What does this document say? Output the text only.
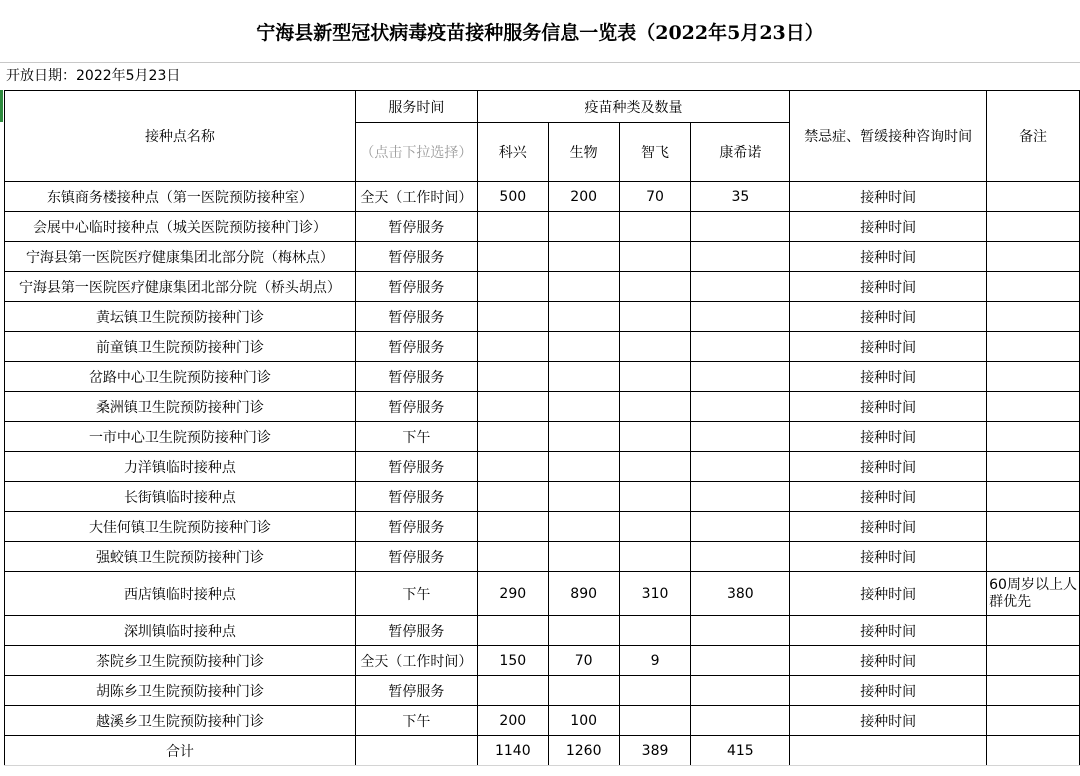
宁海县新型冠状病毒疫苗接种服务信息一览表（2022年5月23日）
开放日期：2022年5月23日
接种点名称	服务时间	疫苗种类及数量				禁忌症、暂缓接种咨询时间	备注
	（点击下拉选择）	科兴	生物	智飞	康希诺		
东镇商务楼接种点（第一医院预防接种室）	全天（工作时间）	500	200	70	35	接种时间	
会展中心临时接种点（城关医院预防接种门诊）	暂停服务					接种时间	
宁海县第一医院医疗健康集团北部分院（梅林点）	暂停服务					接种时间	
宁海县第一医院医疗健康集团北部分院（桥头胡点）	暂停服务					接种时间	
黄坛镇卫生院预防接种门诊	暂停服务					接种时间	
前童镇卫生院预防接种门诊	暂停服务					接种时间	
岔路中心卫生院预防接种门诊	暂停服务					接种时间	
桑洲镇卫生院预防接种门诊	暂停服务					接种时间	
一市中心卫生院预防接种门诊	下午					接种时间	
力洋镇临时接种点	暂停服务					接种时间	
长街镇临时接种点	暂停服务					接种时间	
大佳何镇卫生院预防接种门诊	暂停服务					接种时间	
强蛟镇卫生院预防接种门诊	暂停服务					接种时间	
西店镇临时接种点	下午	290	890	310	380	接种时间	60周岁以上人群优先
深圳镇临时接种点	暂停服务					接种时间	
茶院乡卫生院预防接种门诊	全天（工作时间）	150	70	9		接种时间	
胡陈乡卫生院预防接种门诊	暂停服务					接种时间	
越溪乡卫生院预防接种门诊	下午	200	100			接种时间	
合计		1140	1260	389	415		
